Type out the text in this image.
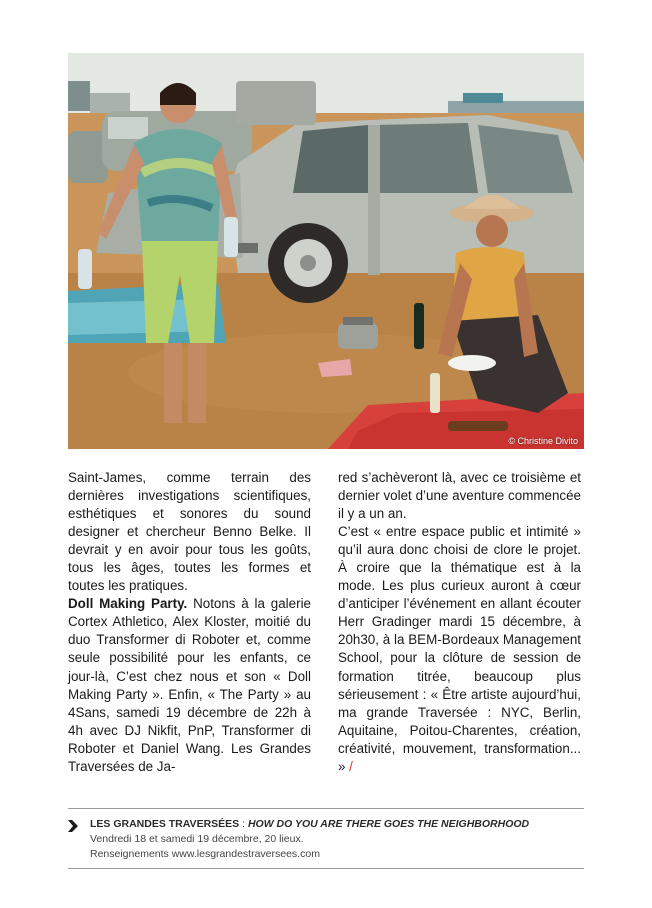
© Christine Divito

Saint-James, comme terrain des dernières investigations scientifiques, esthétiques et sonores du sound designer et chercheur Benno Belke. Il devrait y en avoir pour tous les goûts, tous les âges, toutes les formes et toutes les pratiques.

Doll Making Party. Notons à la galerie Cortex Athletico, Alex Kloster, moitié du duo Transformer di Roboter et, comme seule possibilité pour les enfants, ce jour-là, C’est chez nous et son « Doll Making Party ». Enfin, « The Party » au 4Sans, samedi 19 décembre de 22h à 4h avec DJ Nikfit, PnP, Transformer di Roboter et Daniel Wang. Les Grandes Traversées de Ja-

red s’achèveront là, avec ce troisième et dernier volet d’une aventure commencée il y a un an.

C’est « entre espace public et intimité » qu’il aura donc choisi de clore le projet. À croire que la thématique est à la mode. Les plus curieux auront à cœur d’anticiper l’événement en allant écouter Herr Gradinger mardi 15 décembre, à 20h30, à la BEM-Bordeaux Management School, pour la clôture de session de formation titrée, beaucoup plus sérieusement : « Être artiste aujourd’hui, ma grande Traversée : NYC, Berlin, Aquitaine, Poitou-Charentes, création, créativité, mouvement, transformation... » /

LES GRANDES TRAVERSÉES : HOW DO YOU ARE THERE GOES THE NEIGHBORHOOD
Vendredi 18 et samedi 19 décembre, 20 lieux.
Renseignements www.lesgrandestraversees.com
